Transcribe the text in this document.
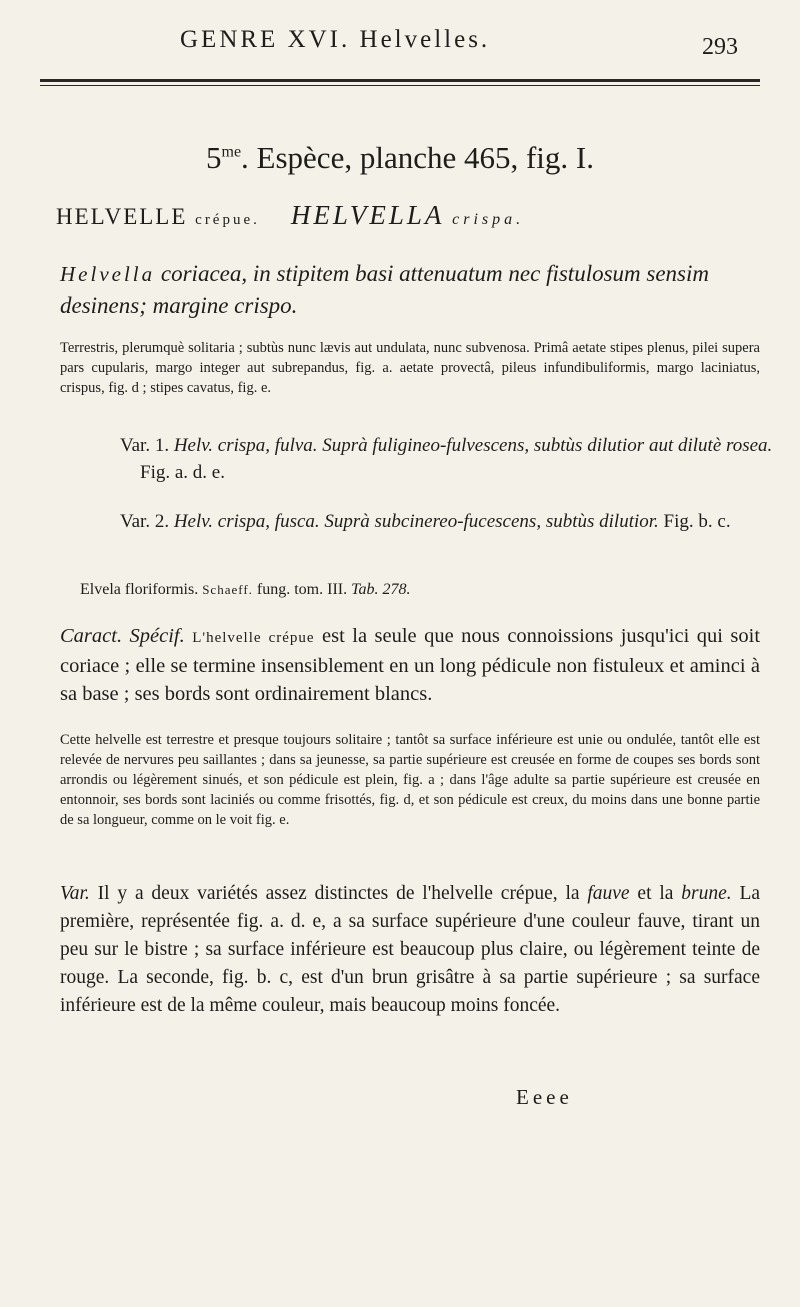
GENRE XVI. Helvelles.	293
$5^{me}$. Espèce, planche 465, fig. I.
HELVELLE crépue. HELVELLA crispa.
Helvella coriacea, in stipitem basi attenuatum nec fistulosum sensim desinens; margine crispo.
Terrestris, plerumquè solitaria ; subtùs nunc lævis aut undulata, nunc subvenosa. Primâ aetate stipes plenus, pilei supera pars cupularis, margo integer aut subrepandus, fig. a. aetate provectâ, pileus infundibuliformis, margo laciniatus, crispus, fig. d ; stipes cavatus, fig. e.
Var. 1. Helv. crispa, fulva. Suprà fuligineo-fulvescens, subtùs dilutior aut dilutè rosea. Fig. a. d. e.
Var. 2. Helv. crispa, fusca. Suprà subcinereo-fucescens, subtùs dilutior. Fig. b. c.
Elvela floriformis. Schaeff. fung. tom. III. Tab. 278.
Caract. Spécif. L'helvelle crépue est la seule que nous connoissions jusqu'ici qui soit coriace ; elle se termine insensiblement en un long pédicule non fistuleux et aminci à sa base ; ses bords sont ordinairement blancs.
Cette helvelle est terrestre et presque toujours solitaire ; tantôt sa surface inférieure est unie ou ondulée, tantôt elle est relevée de nervures peu saillantes ; dans sa jeunesse, sa partie supérieure est creusée en forme de coupes ses bords sont arrondis ou légèrement sinués, et son pédicule est plein, fig. a ; dans l'âge adulte sa partie supérieure est creusée en entonnoir, ses bords sont laciniés ou comme frisottés, fig. d, et son pédicule est creux, du moins dans une bonne partie de sa longueur, comme on le voit fig. e.
Var. Il y a deux variétés assez distinctes de l'helvelle crépue, la fauve et la brune. La première, représentée fig. a. d. e, a sa surface supérieure d'une couleur fauve, tirant un peu sur le bistre ; sa surface inférieure est beaucoup plus claire, ou légèrement teinte de rouge. La seconde, fig. b. c, est d'un brun grisâtre à sa partie supérieure ; sa surface inférieure est de la même couleur, mais beaucoup moins foncée.
Eeee
